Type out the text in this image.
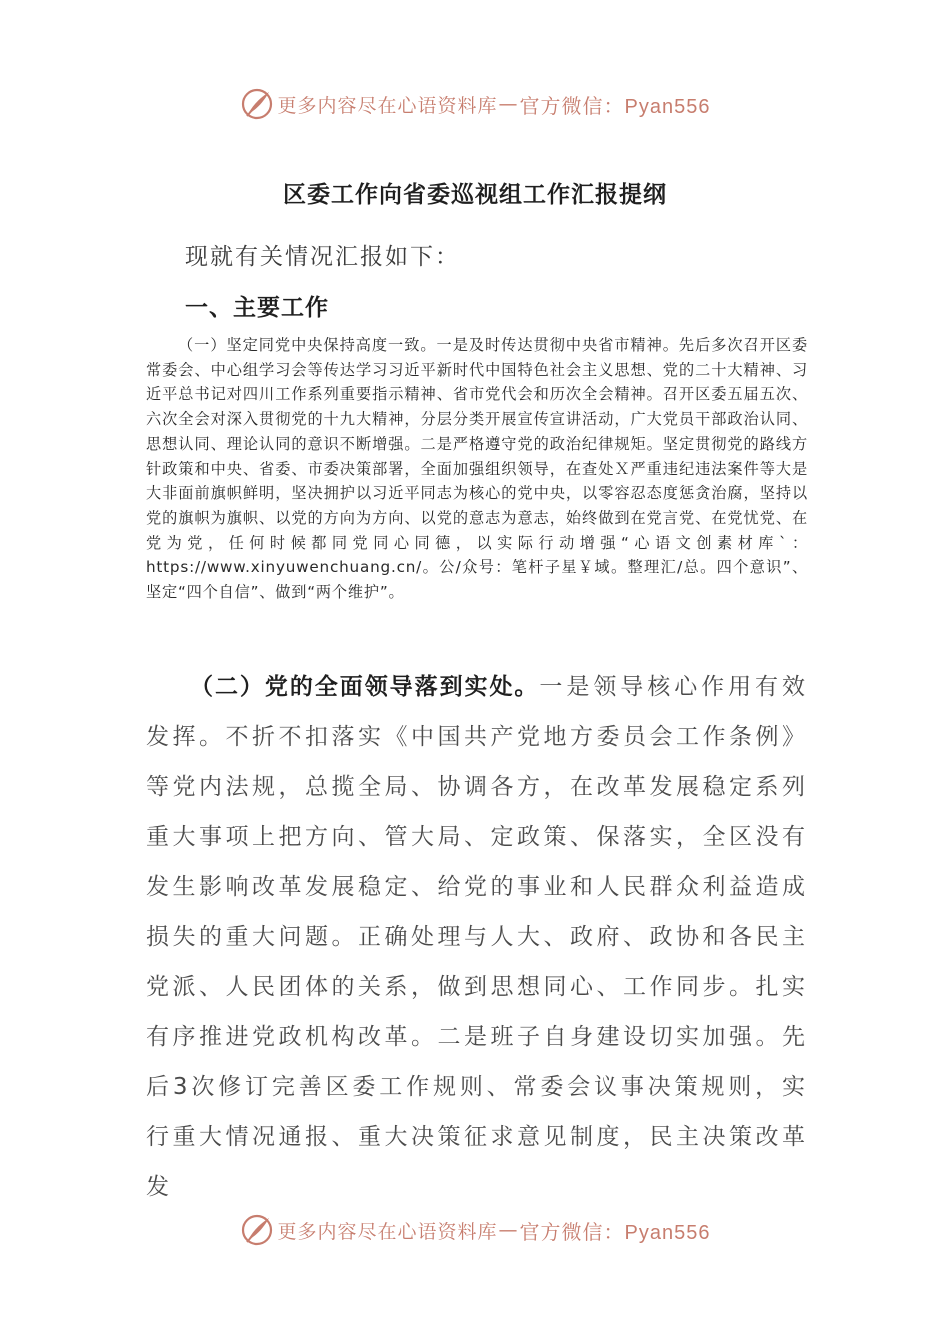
更多内容尽在心语资料库 — 官方微信：Pyan556
区委工作向省委巡视组工作汇报提纲
现就有关情况汇报如下：
一、主要工作

（一）坚定同党中央保持高度一致。一是及时传达贯彻中央省市精神。先后多次召开区委常委会、中心组学习会等传达学习习近平新时代中国特色社会主义思想、党的二十大精神、习近平总书记对四川工作系列重要指示精神、省市党代会和历次全会精神。召开区委五届五次、六次全会对深入贯彻党的十九大精神，分层分类开展宣传宣讲活动，广大党员干部政治认同、思想认同、理论认同的意识不断增强。二是严格遵守党的政治纪律规矩。坚定贯彻党的路线方针政策和中央、省委、市委决策部署，全面加强组织领导，在查处Ｘ严重违纪违法案件等大是大非面前旗帜鲜明，坚决拥护以习近平同志为核心的党中央，以零容忍态度惩贪治腐，坚持以党的旗帜为旗帜、以党的方向为方向、以党的意志为意志，始终做到在党言党、在党忧党、在党为党，任何时候都同党同心同德，以实际行动增强“心语文创素材库`：https://www.xinyuwenchuang.cn/。公/众号：笔杆子星￥域。整理汇/总。四个意识”、坚定“四个自信”、做到“两个维护”。

（二）党的全面领导落到实处。一是领导核心作用有效发挥。不折不扣落实《中国共产党地方委员会工作条例》等党内法规，总揽全局、协调各方，在改革发展稳定系列重大事项上把方向、管大局、定政策、保落实，全区没有发生影响改革发展稳定、给党的事业和人民群众利益造成损失的重大问题。正确处理与人大、政府、政协和各民主党派、人民团体的关系，做到思想同心、工作同步。扎实有序推进党政机构改革。二是班子自身建设切实加强。先后3次修订完善区委工作规则、常委会议事决策规则，实行重大情况通报、重大决策征求意见制度，民主决策改革发

更多内容尽在心语资料库 — 官方微信：Pyan556
